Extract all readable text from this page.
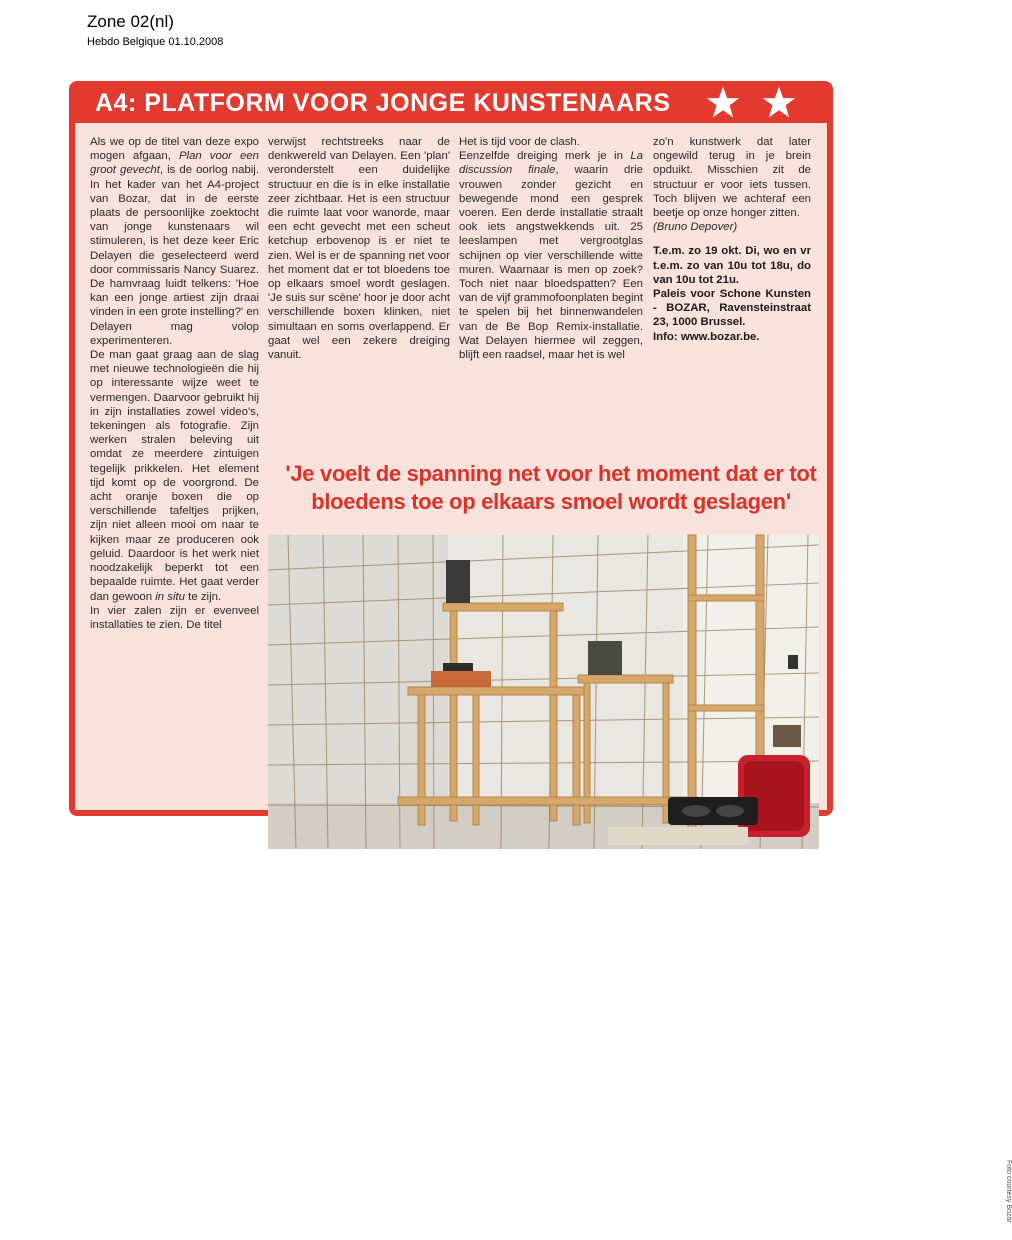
Zone 02(nl)
Hebdo Belgique 01.10.2008
A4: PLATFORM VOOR JONGE KUNSTENAARS

Als we op de titel van deze expo mogen afgaan, Plan voor een groot gevecht, is de oorlog nabij. In het kader van het A4-project van Bozar, dat in de eerste plaats de persoonlijke zoektocht van jonge kunstenaars wil stimuleren, is het deze keer Eric Delayen die geselecteerd werd door commissaris Nancy Suarez. De hamvraag luidt telkens: 'Hoe kan een jonge artiest zijn draai vinden in een grote instelling?' en Delayen mag volop experimenteren.

De man gaat graag aan de slag met nieuwe technologieën die hij op interessante wijze weet te vermengen. Daarvoor gebruikt hij in zijn installaties zowel video's, tekeningen als fotografie. Zijn werken stralen beleving uit omdat ze meerdere zintuigen tegelijk prikkelen. Het element tijd komt op de voorgrond. De acht oranje boxen die op verschillende tafeltjes prijken, zijn niet alleen mooi om naar te kijken maar ze produceren ook geluid. Daardoor is het werk niet noodzakelijk beperkt tot een bepaalde ruimte. Het gaat verder dan gewoon in situ te zijn.

In vier zalen zijn er evenveel installaties te zien. De titel

verwijst rechtstreeks naar de denkwereld van Delayen. Een 'plan' veronderstelt een duidelijke structuur en die is in elke installatie zeer zichtbaar. Het is een structuur die ruimte laat voor wanorde, maar een echt gevecht met een scheut ketchup erbovenop is er niet te zien. Wel is er de spanning net voor het moment dat er tot bloedens toe op elkaars smoel wordt geslagen. 'Je suis sur scène' hoor je door acht verschillende boxen klinken, niet simultaan en soms overlappend. Er gaat wel een zekere dreiging vanuit.

Het is tijd voor de clash.

Eenzelfde dreiging merk je in La discussion finale, waarin drie vrouwen zonder gezicht en bewegende mond een gesprek voeren. Een derde installatie straalt ook iets angstwekkends uit. 25 leeslampen met vergrootglas schijnen op vier verschillende witte muren. Waarnaar is men op zoek? Toch niet naar bloedspatten? Een van de vijf grammofoonplaten begint te spelen bij het binnenwandelen van de Be Bop Remix-installatie. Wat Delayen hiermee wil zeggen, blijft een raadsel, maar het is wel

zo'n kunstwerk dat later ongewild terug in je brein opduikt. Misschien zit de structuur er voor iets tussen. Toch blijven we achteraf een beetje op onze honger zitten.

(Bruno Depover)

T.e.m. zo 19 okt. Di, wo en vr t.e.m. zo van 10u tot 18u, do van 10u tot 21u.

Paleis voor Schone Kunsten - BOZAR, Ravensteinstraat 23, 1000 Brussel.

Info: www.bozar.be.

'Je voelt de spanning net voor het moment dat er tot bloedens toe op elkaars smoel wordt geslagen'
Foto courtesy Bozar
